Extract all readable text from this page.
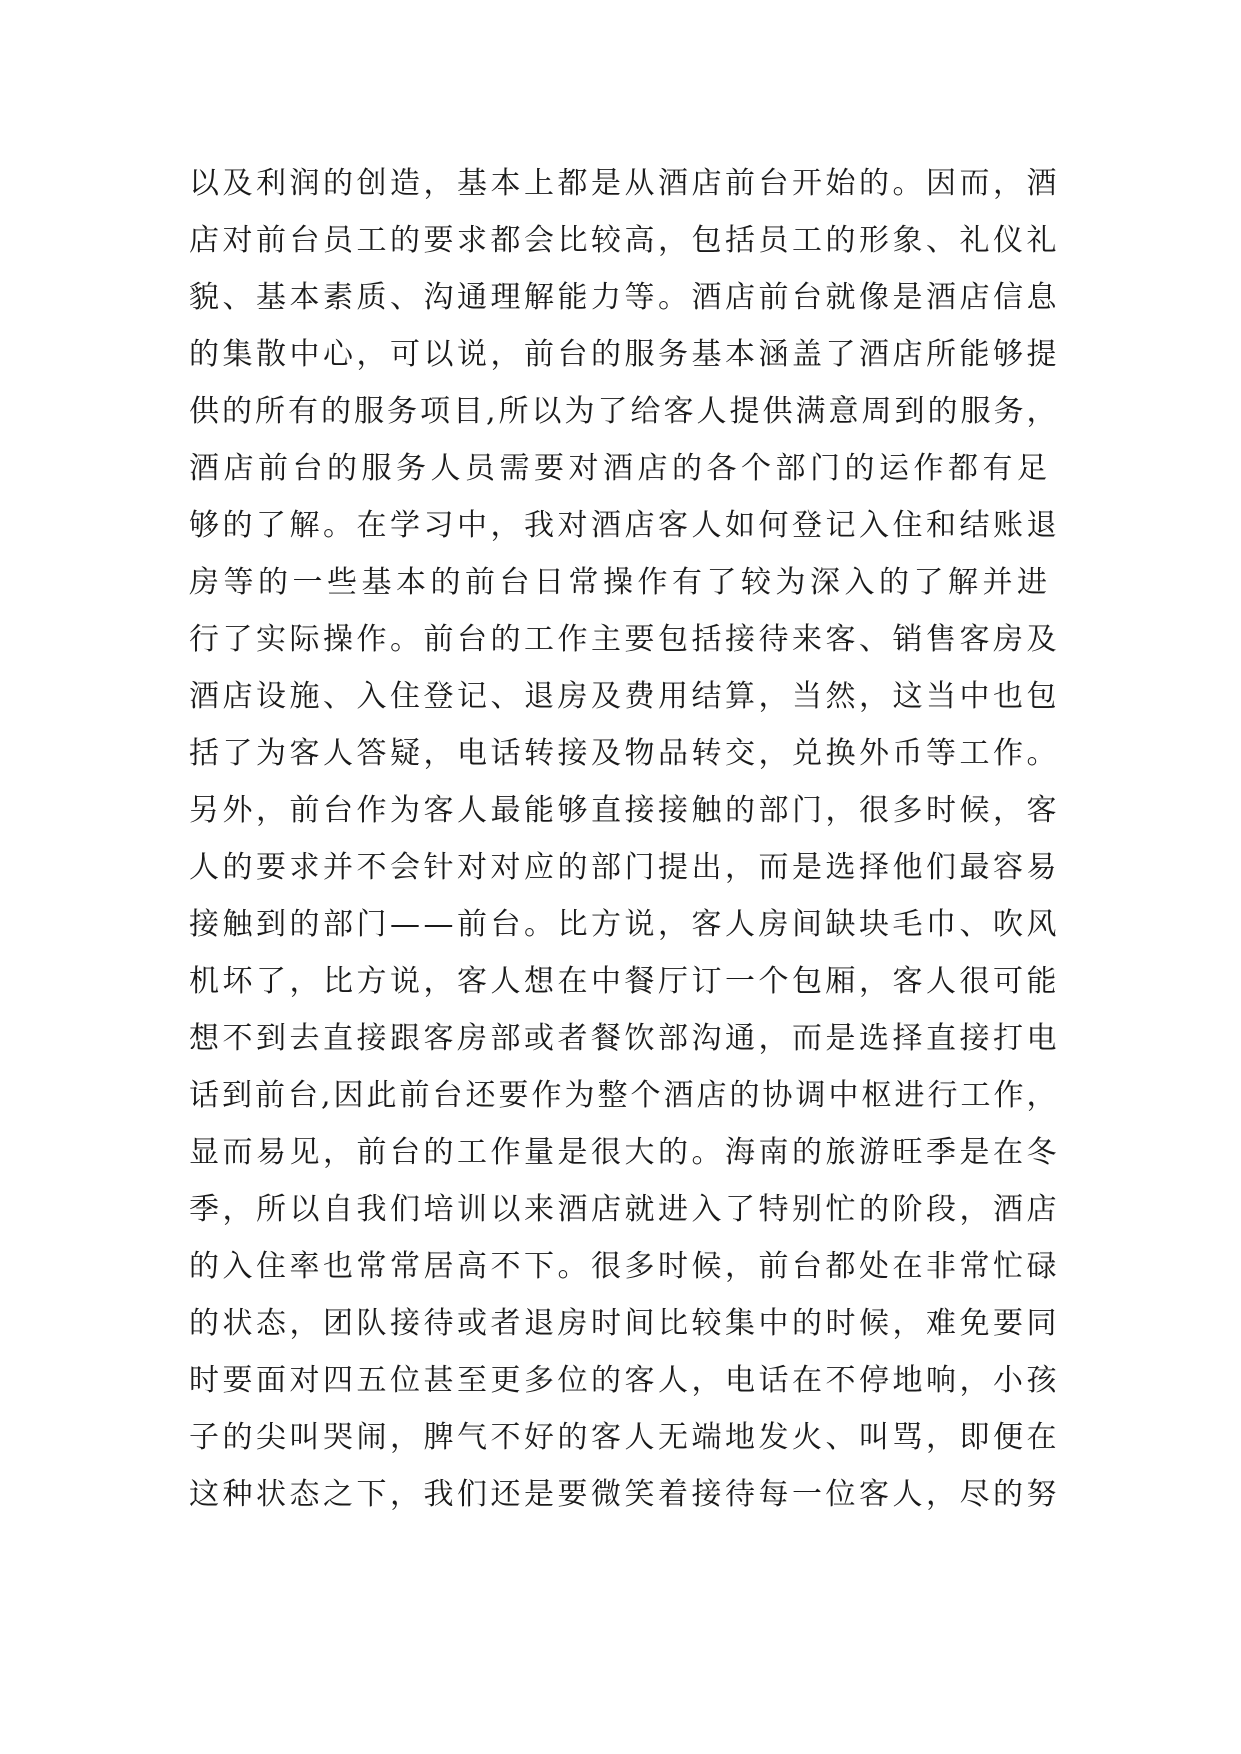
以及利润的创造，基本上都是从酒店前台开始的。因而，酒
店对前台员工的要求都会比较高，包括员工的形象、礼仪礼
貌、基本素质、沟通理解能力等。酒店前台就像是酒店信息
的集散中心，可以说，前台的服务基本涵盖了酒店所能够提
供的所有的服务项目,所以为了给客人提供满意周到的服务，
酒店前台的服务人员需要对酒店的各个部门的运作都有足
够的了解。在学习中，我对酒店客人如何登记入住和结账退
房等的一些基本的前台日常操作有了较为深入的了解并进
行了实际操作。前台的工作主要包括接待来客、销售客房及
酒店设施、入住登记、退房及费用结算，当然，这当中也包
括了为客人答疑，电话转接及物品转交，兑换外币等工作。
另外，前台作为客人最能够直接接触的部门，很多时候，客
人的要求并不会针对对应的部门提出，而是选择他们最容易
接触到的部门——前台。比方说，客人房间缺块毛巾、吹风
机坏了，比方说，客人想在中餐厅订一个包厢，客人很可能
想不到去直接跟客房部或者餐饮部沟通，而是选择直接打电
话到前台,因此前台还要作为整个酒店的协调中枢进行工作，
显而易见，前台的工作量是很大的。海南的旅游旺季是在冬
季，所以自我们培训以来酒店就进入了特别忙的阶段，酒店
的入住率也常常居高不下。很多时候，前台都处在非常忙碌
的状态，团队接待或者退房时间比较集中的时候，难免要同
时要面对四五位甚至更多位的客人，电话在不停地响，小孩
子的尖叫哭闹，脾气不好的客人无端地发火、叫骂，即便在
这种状态之下，我们还是要微笑着接待每一位客人，尽的努
